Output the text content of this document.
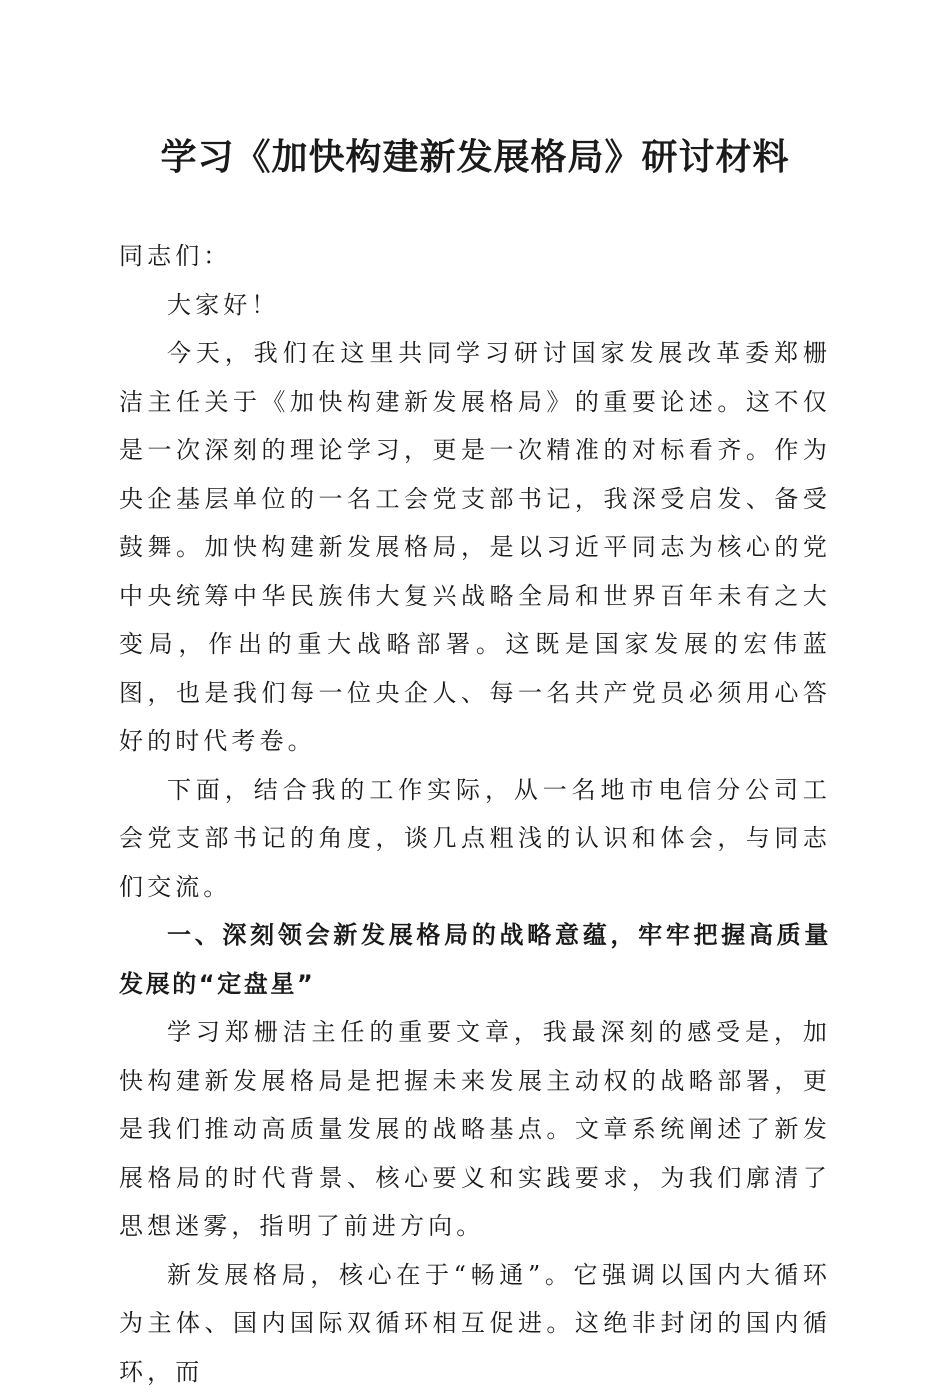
学习《加快构建新发展格局》研讨材料

同志们：

大家好！

今天，我们在这里共同学习研讨国家发展改革委郑栅洁主任关于《加快构建新发展格局》的重要论述。这不仅是一次深刻的理论学习，更是一次精准的对标看齐。作为央企基层单位的一名工会党支部书记，我深受启发、备受鼓舞。加快构建新发展格局，是以习近平同志为核心的党中央统筹中华民族伟大复兴战略全局和世界百年未有之大变局，作出的重大战略部署。这既是国家发展的宏伟蓝图，也是我们每一位央企人、每一名共产党员必须用心答好的时代考卷。

下面，结合我的工作实际，从一名地市电信分公司工会党支部书记的角度，谈几点粗浅的认识和体会，与同志们交流。

一、深刻领会新发展格局的战略意蕴，牢牢把握高质量发展的“定盘星”

学习郑栅洁主任的重要文章，我最深刻的感受是，加快构建新发展格局是把握未来发展主动权的战略部署，更是我们推动高质量发展的战略基点。文章系统阐述了新发展格局的时代背景、核心要义和实践要求，为我们廓清了思想迷雾，指明了前进方向。

新发展格局，核心在于“畅通”。它强调以国内大循环为主体、国内国际双循环相互促进。这绝非封闭的国内循环，而
